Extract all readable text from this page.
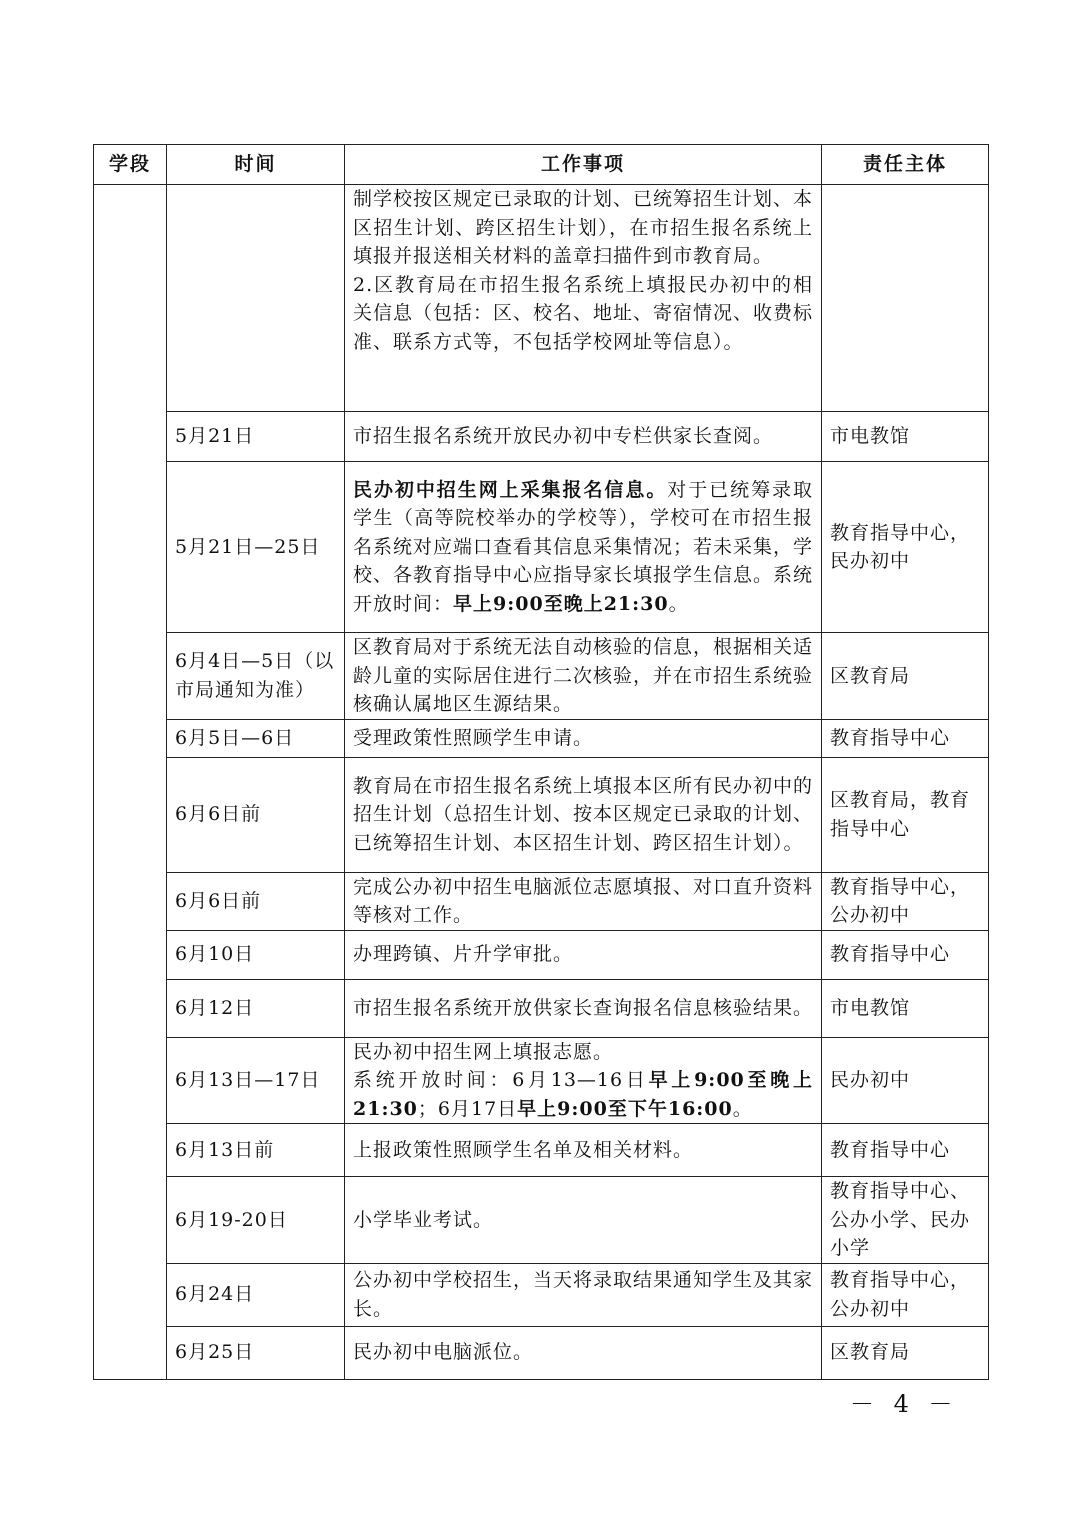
学段	时间	工作事项	责任主体

		制学校按区规定已录取的计划、已统筹招生计划、本区招生计划、跨区招生计划），在市招生报名系统上填报并报送相关材料的盖章扫描件到市教育局。
2.区教育局在市招生报名系统上填报民办初中的相关信息（包括：区、校名、地址、寄宿情况、收费标准、联系方式等，不包括学校网址等信息）。	

	5月21日	市招生报名系统开放民办初中专栏供家长查阅。	市电教馆
	5月21日—25日	民办初中招生网上采集报名信息。对于已统筹录取学生（高等院校举办的学校等），学校可在市招生报名系统对应端口查看其信息采集情况；若未采集，学校、各教育指导中心应指导家长填报学生信息。系统开放时间：早上9:00至晚上21:30。	教育指导中心，民办初中
	6月4日—5日（以市局通知为准）	区教育局对于系统无法自动核验的信息，根据相关适龄儿童的实际居住进行二次核验，并在市招生系统验核确认属地区生源结果。	区教育局
	6月5日—6日	受理政策性照顾学生申请。	教育指导中心
	6月6日前	教育局在市招生报名系统上填报本区所有民办初中的招生计划（总招生计划、按本区规定已录取的计划、已统筹招生计划、本区招生计划、跨区招生计划）。	区教育局，教育指导中心
	6月6日前	完成公办初中招生电脑派位志愿填报、对口直升资料等核对工作。	教育指导中心，公办初中
	6月10日	办理跨镇、片升学审批。	教育指导中心
	6月12日	市招生报名系统开放供家长查询报名信息核验结果。	市电教馆
	6月13日—17日	民办初中招生网上填报志愿。
系统开放时间：6月13—16日早上9:00至晚上21:30；6月17日早上9:00至下午16:00。	民办初中
	6月13日前	上报政策性照顾学生名单及相关材料。	教育指导中心
	6月19-20日	小学毕业考试。	教育指导中心、公办小学、民办小学
	6月24日	公办初中学校招生，当天将录取结果通知学生及其家长。	教育指导中心，公办初中
	6月25日	民办初中电脑派位。	区教育局
－ 4 －
